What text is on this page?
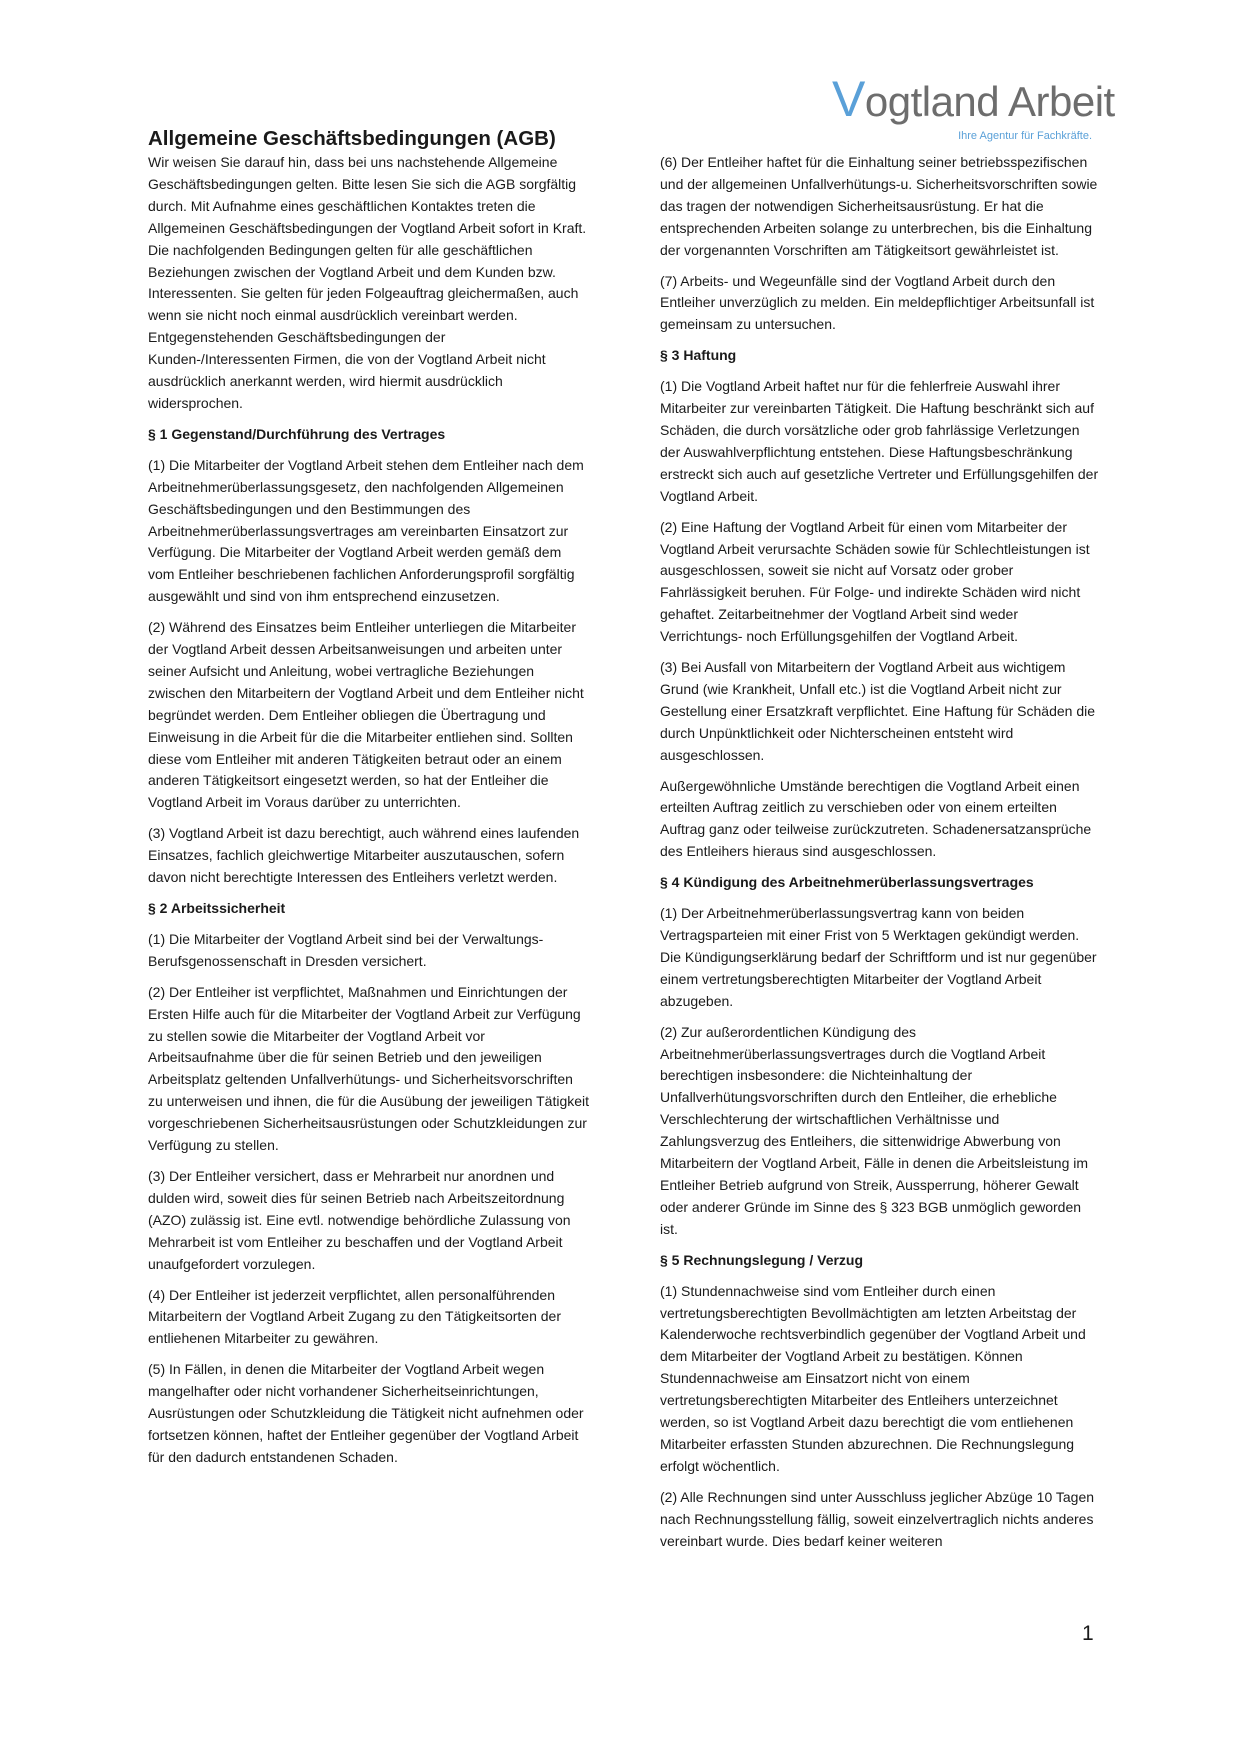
Vogtland Arbeit
Ihre Agentur für Fachkräfte.
Allgemeine Geschäftsbedingungen (AGB)

Wir weisen Sie darauf hin, dass bei uns nachstehende Allgemeine Geschäftsbedingungen gelten. Bitte lesen Sie sich die AGB sorgfältig durch. Mit Aufnahme eines geschäftlichen Kontaktes treten die Allgemeinen Geschäftsbedingungen der Vogtland Arbeit sofort in Kraft. Die nachfolgenden Bedingungen gelten für alle geschäftlichen Beziehungen zwischen der Vogtland Arbeit und dem Kunden bzw. Interessenten. Sie gelten für jeden Folgeauftrag gleichermaßen, auch wenn sie nicht noch einmal ausdrücklich vereinbart werden. Entgegenstehenden Geschäftsbedingungen der Kunden-/Interessenten Firmen, die von der Vogtland Arbeit nicht ausdrücklich anerkannt werden, wird hiermit ausdrücklich widersprochen.

§ 1 Gegenstand/Durchführung des Vertrages

(1) Die Mitarbeiter der Vogtland Arbeit stehen dem Entleiher nach dem Arbeitnehmerüberlassungsgesetz, den nachfolgenden Allgemeinen Geschäftsbedingungen und den Bestimmungen des Arbeitnehmerüberlassungsvertrages am vereinbarten Einsatzort zur Verfügung. Die Mitarbeiter der Vogtland Arbeit werden gemäß dem vom Entleiher beschriebenen fachlichen Anforderungsprofil sorgfältig ausgewählt und sind von ihm entsprechend einzusetzen.

(2) Während des Einsatzes beim Entleiher unterliegen die Mitarbeiter der Vogtland Arbeit dessen Arbeitsanweisungen und arbeiten unter seiner Aufsicht und Anleitung, wobei vertragliche Beziehungen zwischen den Mitarbeitern der Vogtland Arbeit und dem Entleiher nicht begründet werden. Dem Entleiher obliegen die Übertragung und Einweisung in die Arbeit für die die Mitarbeiter entliehen sind. Sollten diese vom Entleiher mit anderen Tätigkeiten betraut oder an einem anderen Tätigkeitsort eingesetzt werden, so hat der Entleiher die Vogtland Arbeit im Voraus darüber zu unterrichten.

(3) Vogtland Arbeit ist dazu berechtigt, auch während eines laufenden Einsatzes, fachlich gleichwertige Mitarbeiter auszutauschen, sofern davon nicht berechtigte Interessen des Entleihers verletzt werden.

§ 2 Arbeitssicherheit

(1) Die Mitarbeiter der Vogtland Arbeit sind bei der Verwaltungs-Berufsgenossenschaft in Dresden versichert.

(2) Der Entleiher ist verpflichtet, Maßnahmen und Einrichtungen der Ersten Hilfe auch für die Mitarbeiter der Vogtland Arbeit zur Verfügung zu stellen sowie die Mitarbeiter der Vogtland Arbeit vor Arbeitsaufnahme über die für seinen Betrieb und den jeweiligen Arbeitsplatz geltenden Unfallverhütungs- und Sicherheitsvorschriften zu unterweisen und ihnen, die für die Ausübung der jeweiligen Tätigkeit vorgeschriebenen Sicherheitsausrüstungen oder Schutzkleidungen zur Verfügung zu stellen.

(3) Der Entleiher versichert, dass er Mehrarbeit nur anordnen und dulden wird, soweit dies für seinen Betrieb nach Arbeitszeitordnung (AZO) zulässig ist. Eine evtl. notwendige behördliche Zulassung von Mehrarbeit ist vom Entleiher zu beschaffen und der Vogtland Arbeit unaufgefordert vorzulegen.

(4) Der Entleiher ist jederzeit verpflichtet, allen personalführenden Mitarbeitern der Vogtland Arbeit Zugang zu den Tätigkeitsorten der entliehenen Mitarbeiter zu gewähren.

(5) In Fällen, in denen die Mitarbeiter der Vogtland Arbeit wegen mangelhafter oder nicht vorhandener Sicherheitseinrichtungen, Ausrüstungen oder Schutzkleidung die Tätigkeit nicht aufnehmen oder fortsetzen können, haftet der Entleiher gegenüber der Vogtland Arbeit für den dadurch entstandenen Schaden.

(6) Der Entleiher haftet für die Einhaltung seiner betriebsspezifischen und der allgemeinen Unfallverhütungs-u. Sicherheitsvorschriften sowie das tragen der notwendigen Sicherheitsausrüstung. Er hat die entsprechenden Arbeiten solange zu unterbrechen, bis die Einhaltung der vorgenannten Vorschriften am Tätigkeitsort gewährleistet ist.

(7) Arbeits- und Wegeunfälle sind der Vogtland Arbeit durch den Entleiher unverzüglich zu melden. Ein meldepflichtiger Arbeitsunfall ist gemeinsam zu untersuchen.

§ 3 Haftung

(1) Die Vogtland Arbeit haftet nur für die fehlerfreie Auswahl ihrer Mitarbeiter zur vereinbarten Tätigkeit. Die Haftung beschränkt sich auf Schäden, die durch vorsätzliche oder grob fahrlässige Verletzungen der Auswahlverpflichtung entstehen. Diese Haftungsbeschränkung erstreckt sich auch auf gesetzliche Vertreter und Erfüllungsgehilfen der Vogtland Arbeit.

(2) Eine Haftung der Vogtland Arbeit für einen vom Mitarbeiter der Vogtland Arbeit verursachte Schäden sowie für Schlechtleistungen ist ausgeschlossen, soweit sie nicht auf Vorsatz oder grober Fahrlässigkeit beruhen. Für Folge- und indirekte Schäden wird nicht gehaftet. Zeitarbeitnehmer der Vogtland Arbeit sind weder Verrichtungs- noch Erfüllungsgehilfen der Vogtland Arbeit.

(3) Bei Ausfall von Mitarbeitern der Vogtland Arbeit aus wichtigem Grund (wie Krankheit, Unfall etc.) ist die Vogtland Arbeit nicht zur Gestellung einer Ersatzkraft verpflichtet. Eine Haftung für Schäden die durch Unpünktlichkeit oder Nichterscheinen entsteht wird ausgeschlossen.

Außergewöhnliche Umstände berechtigen die Vogtland Arbeit einen erteilten Auftrag zeitlich zu verschieben oder von einem erteilten Auftrag ganz oder teilweise zurückzutreten. Schadenersatzansprüche des Entleihers hieraus sind ausgeschlossen.

§ 4 Kündigung des Arbeitnehmerüberlassungsvertrages

(1) Der Arbeitnehmerüberlassungsvertrag kann von beiden Vertragsparteien mit einer Frist von 5 Werktagen gekündigt werden. Die Kündigungserklärung bedarf der Schriftform und ist nur gegenüber einem vertretungsberechtigten Mitarbeiter der Vogtland Arbeit abzugeben.

(2) Zur außerordentlichen Kündigung des Arbeitnehmerüberlassungsvertrages durch die Vogtland Arbeit berechtigen insbesondere: die Nichteinhaltung der Unfallverhütungsvorschriften durch den Entleiher, die erhebliche Verschlechterung der wirtschaftlichen Verhältnisse und Zahlungsverzug des Entleihers, die sittenwidrige Abwerbung von Mitarbeitern der Vogtland Arbeit, Fälle in denen die Arbeitsleistung im Entleiher Betrieb aufgrund von Streik, Aussperrung, höherer Gewalt oder anderer Gründe im Sinne des § 323 BGB unmöglich geworden ist.

§ 5 Rechnungslegung / Verzug

(1) Stundennachweise sind vom Entleiher durch einen vertretungsberechtigten Bevollmächtigten am letzten Arbeitstag der Kalenderwoche rechtsverbindlich gegenüber der Vogtland Arbeit und dem Mitarbeiter der Vogtland Arbeit zu bestätigen. Können Stundennachweise am Einsatzort nicht von einem vertretungsberechtigten Mitarbeiter des Entleihers unterzeichnet werden, so ist Vogtland Arbeit dazu berechtigt die vom entliehenen Mitarbeiter erfassten Stunden abzurechnen. Die Rechnungslegung erfolgt wöchentlich.

(2) Alle Rechnungen sind unter Ausschluss jeglicher Abzüge 10 Tagen nach Rechnungsstellung fällig, soweit einzelvertraglich nichts anderes vereinbart wurde. Dies bedarf keiner weiteren

1
